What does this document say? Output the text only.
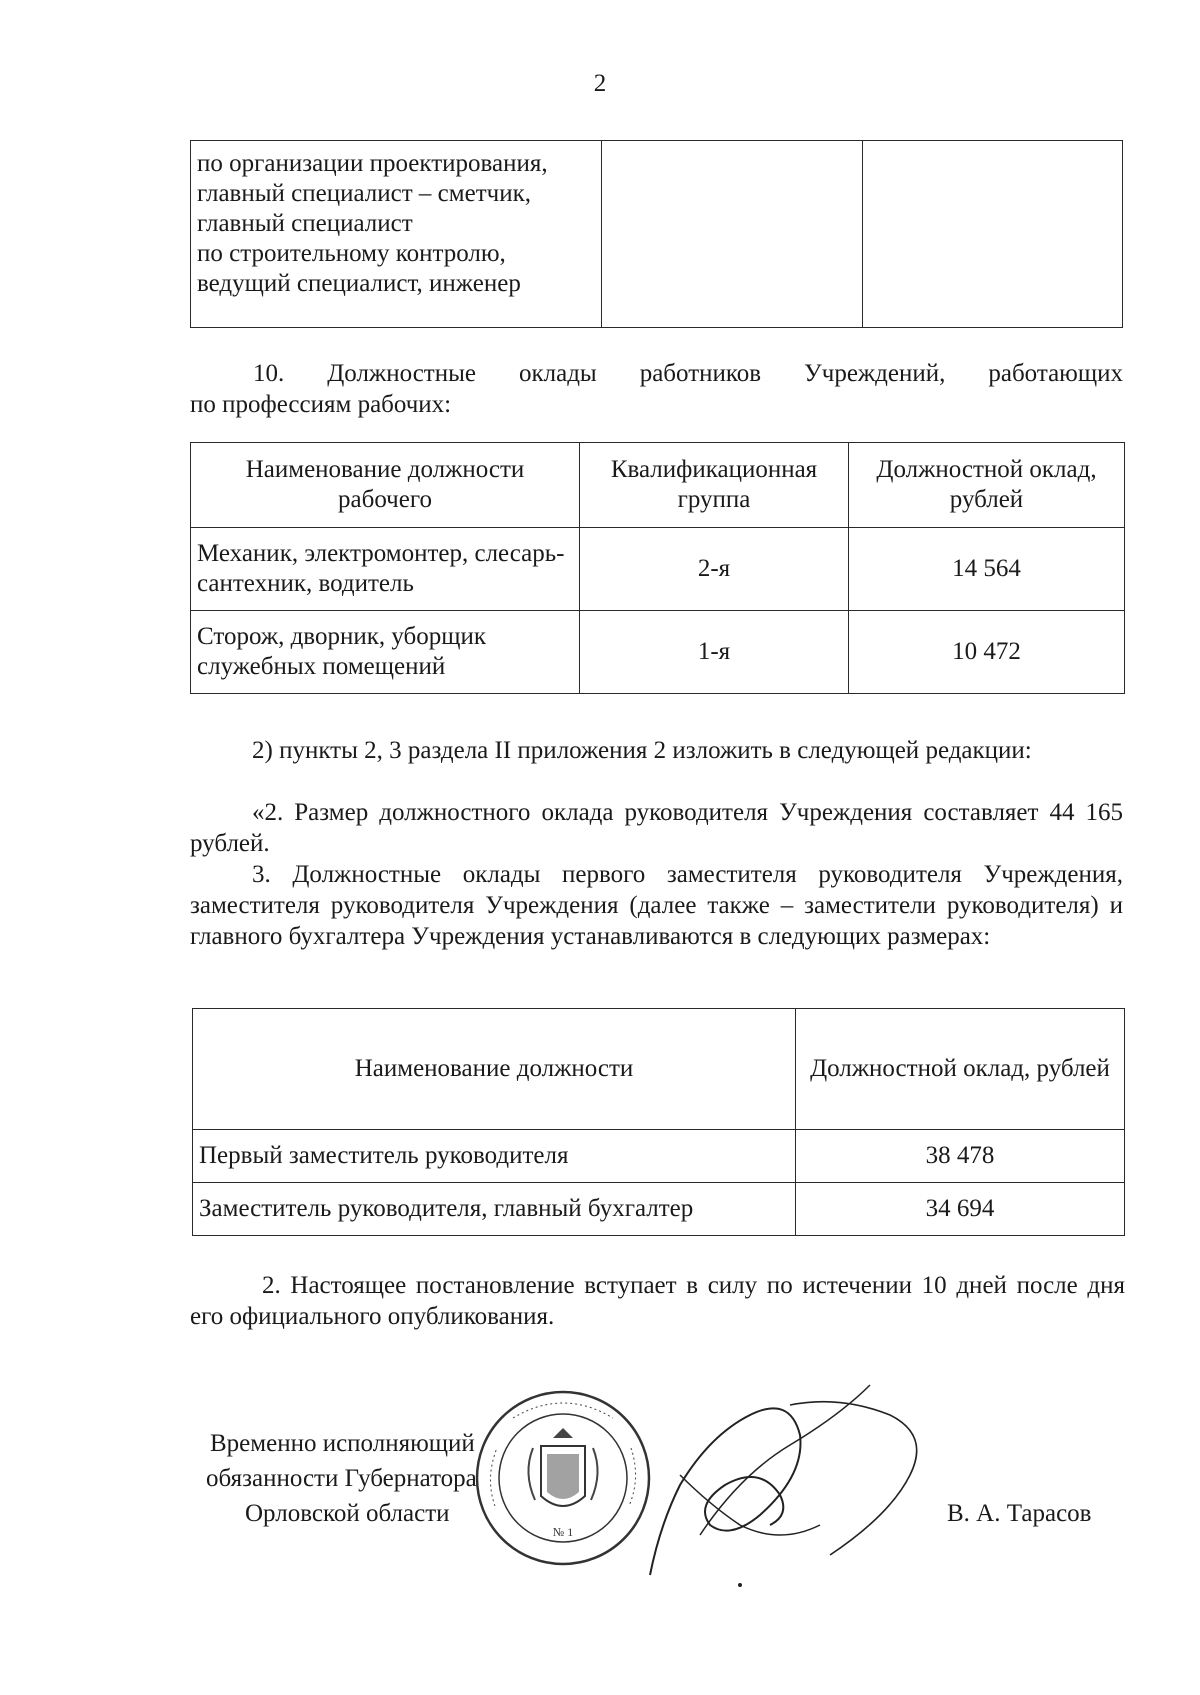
2
по организации проектирования,
главный специалист – сметчик,
главный специалист
по строительному контролю,
ведущий специалист, инженер

10. Должностные оклады работников Учреждений, работающих
по профессиям рабочих:
Наименование должности рабочего	Квалификационная группа	Должностной оклад, рублей
Механик, электромонтер, слесарь-сантехник, водитель	2-я	14 564
Сторож, дворник, уборщик служебных помещений	1-я	10 472
2) пункты 2, 3 раздела II приложения 2 изложить в следующей редакции:
«2. Размер должностного оклада руководителя Учреждения составляет 44 165 рублей.
3. Должностные оклады первого заместителя руководителя Учреждения, заместителя руководителя Учреждения (далее также – заместители руководителя) и главного бухгалтера Учреждения устанавливаются в следующих размерах:
Наименование должности	Должностной оклад, рублей
Первый заместитель руководителя	38 478
Заместитель руководителя, главный бухгалтер	34 694
2. Настоящее постановление вступает в силу по истечении 10 дней после дня его официального опубликования.
Временно исполняющий
обязанности Губернатора
Орловской области
№ 1
В. А. Тарасов
